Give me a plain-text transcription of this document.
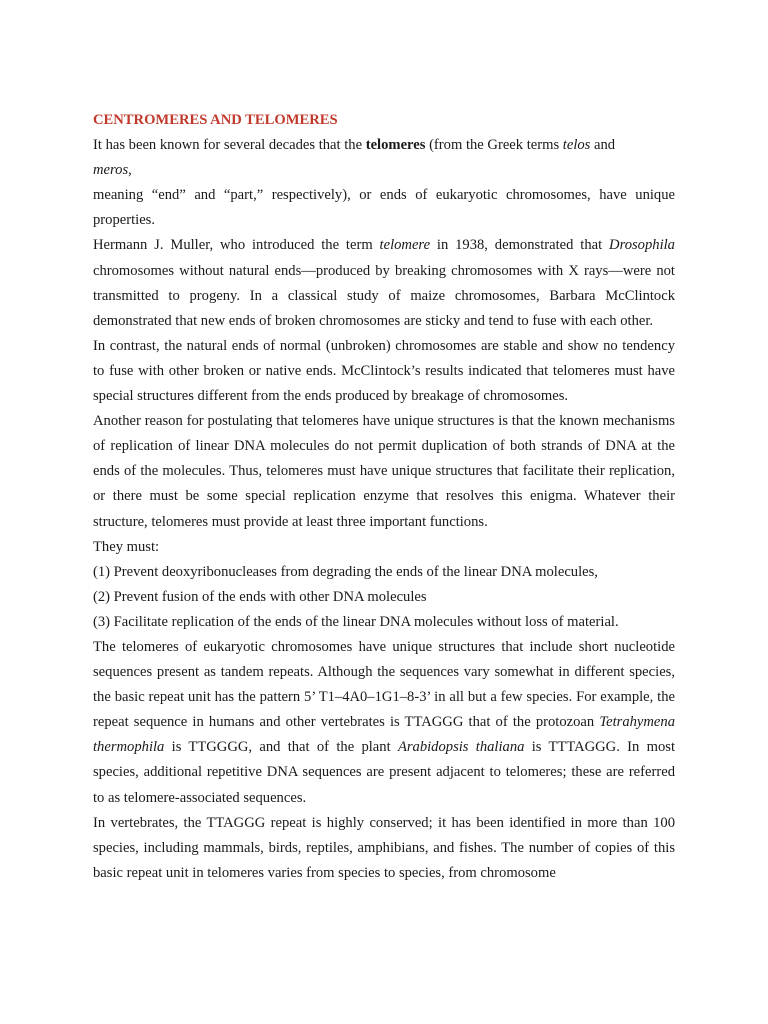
CENTROMERES AND TELOMERES

It has been known for several decades that the telomeres (from the Greek terms telos and
meros,

meaning “end” and “part,” respectively), or ends of eukaryotic chromosomes, have unique properties.

Hermann J. Muller, who introduced the term telomere in 1938, demonstrated that Drosophila chromosomes without natural ends—produced by breaking chromosomes with X rays—were not transmitted to progeny. In a classical study of maize chromosomes, Barbara McClintock demonstrated that new ends of broken chromosomes are sticky and tend to fuse with each other.

In contrast, the natural ends of normal (unbroken) chromosomes are stable and show no tendency to fuse with other broken or native ends. McClintock’s results indicated that telomeres must have special structures different from the ends produced by breakage of chromosomes.

Another reason for postulating that telomeres have unique structures is that the known mechanisms of replication of linear DNA molecules do not permit duplication of both strands of DNA at the ends of the molecules. Thus, telomeres must have unique structures that facilitate their replication, or there must be some special replication enzyme that resolves this enigma. Whatever their structure, telomeres must provide at least three important functions.

They must:

(1) Prevent deoxyribonucleases from degrading the ends of the linear DNA molecules,

(2) Prevent fusion of the ends with other DNA molecules

(3) Facilitate replication of the ends of the linear DNA molecules without loss of material.

The telomeres of eukaryotic chromosomes have unique structures that include short nucleotide sequences present as tandem repeats. Although the sequences vary somewhat in different species, the basic repeat unit has the pattern 5’ T1–4A0–1G1–8-3’ in all but a few species. For example, the repeat sequence in humans and other vertebrates is TTAGGG that of the protozoan Tetrahymena thermophila is TTGGGG, and that of the plant Arabidopsis thaliana is TTTAGGG. In most species, additional repetitive DNA sequences are present adjacent to telomeres; these are referred to as telomere-associated sequences.

In vertebrates, the TTAGGG repeat is highly conserved; it has been identified in more than 100 species, including mammals, birds, reptiles, amphibians, and fishes. The number of copies of this basic repeat unit in telomeres varies from species to species, from chromosome
